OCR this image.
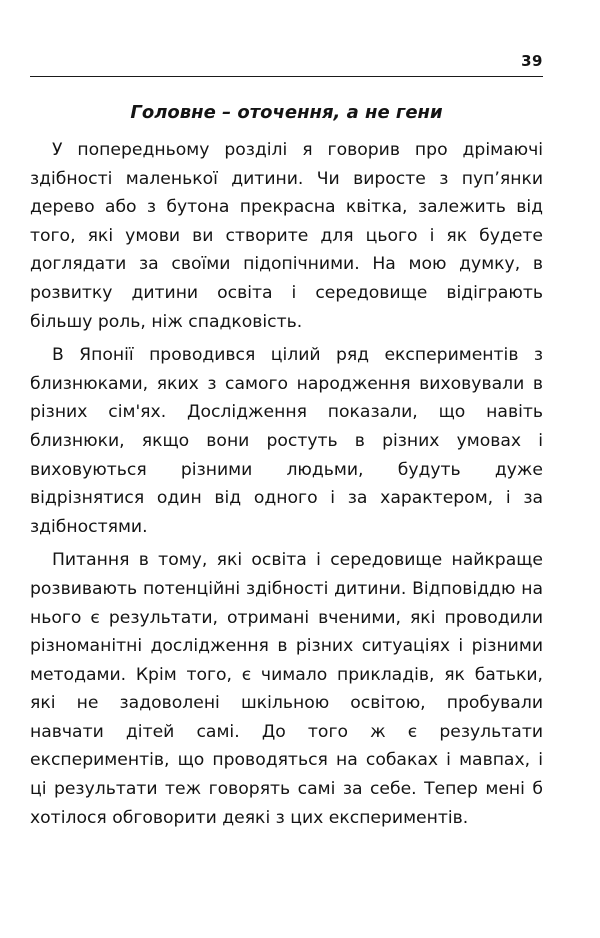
39
Головне – оточення, а не гени

У попередньому розділі я говорив про дрімаючі здібності маленької дитини. Чи виросте з пуп’янки дерево або з бутона прекрасна квітка, залежить від того, які умови ви створите для цього і як будете доглядати за своїми підопічними. На мою думку, в розвитку дитини освіта і середовище відіграють більшу роль, ніж спадковість.

В Японії проводився цілий ряд експериментів з близнюками, яких з самого народження виховували в різних сім'ях. Дослідження показали, що навіть близнюки, якщо вони ростуть в різних умовах і виховуються різними людьми, будуть дуже відрізнятися один від одного і за характером, і за здібностями.

Питання в тому, які освіта і середовище найкраще розвивають потенційні здібності дитини. Відповіддю на нього є результати, отримані вченими, які проводили різноманітні дослідження в різних ситуаціях і різними методами. Крім того, є чимало прикладів, як батьки, які не задоволені шкільною освітою, пробували навчати дітей самі. До того ж є результати експериментів, що проводяться на собаках і мавпах, і ці результати теж говорять самі за себе. Тепер мені б хотілося обговорити деякі з цих експериментів.
